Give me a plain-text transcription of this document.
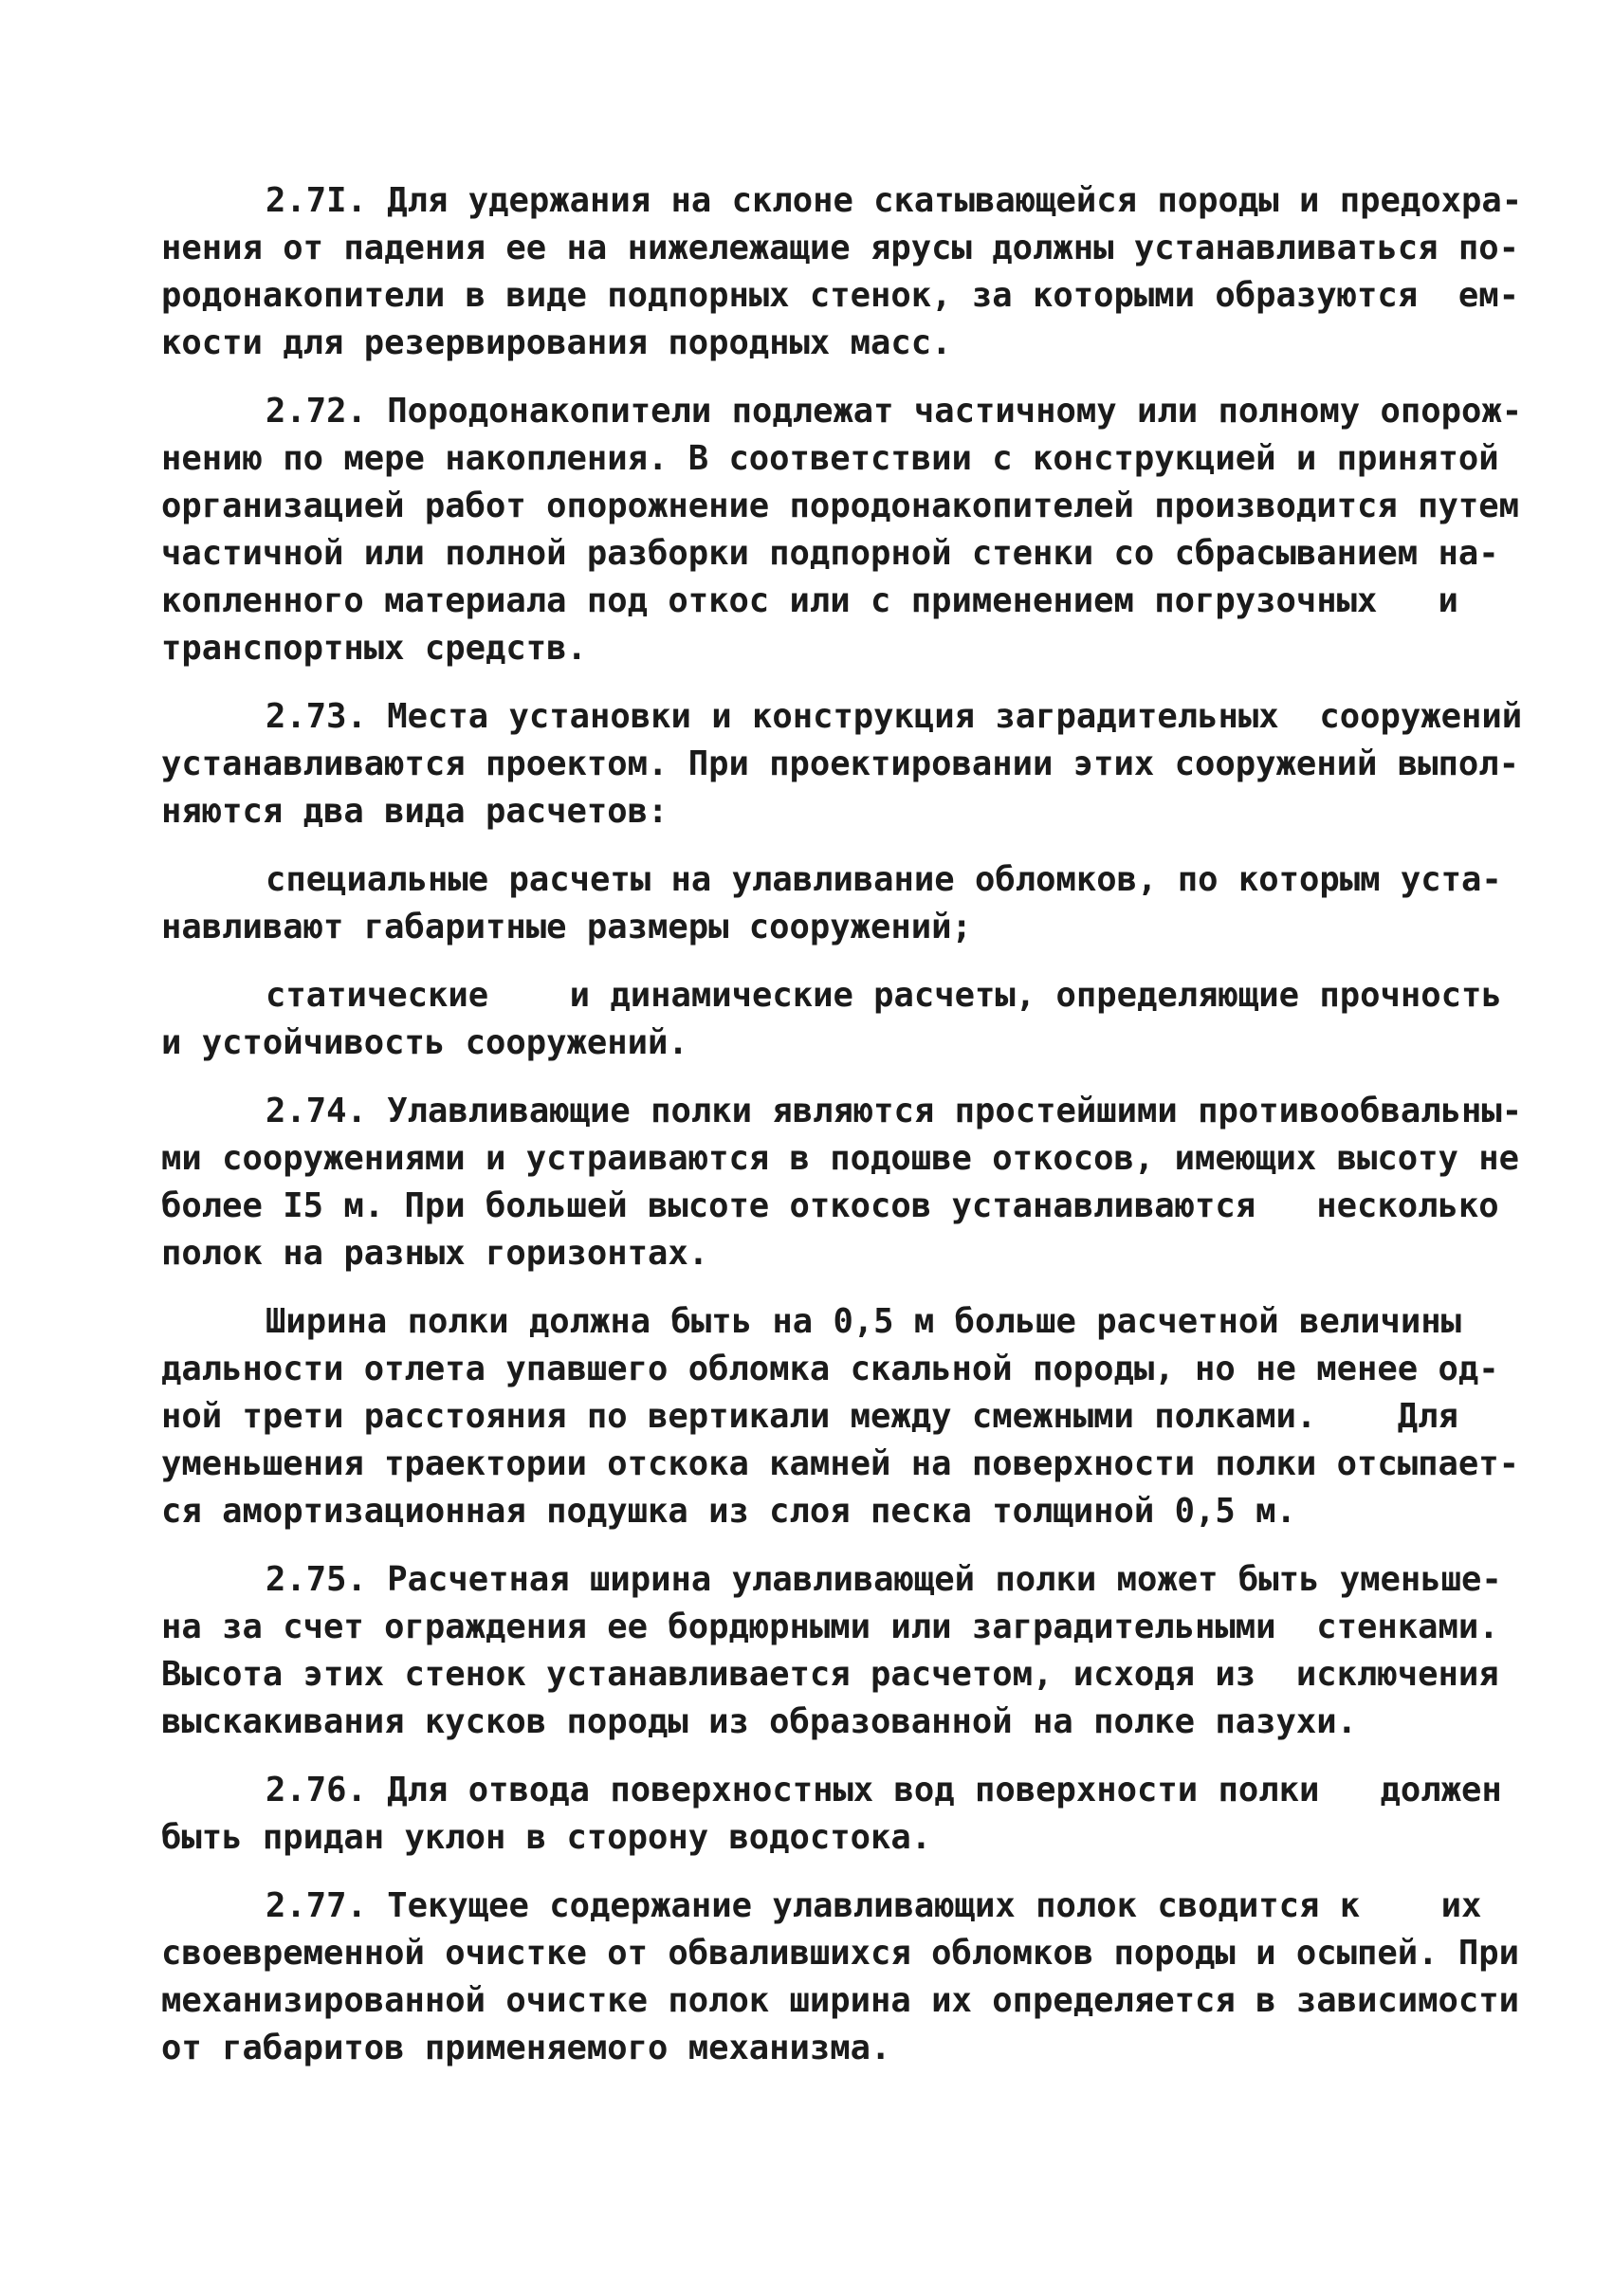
2.7I. Для удержания на склоне скатывающейся породы и предохра-
нения от падения ее на нижележащие ярусы должны устанавливаться по-
родонакопители в виде подпорных стенок, за которыми образуются  ем-
кости для резервирования породных масс.
2.72. Породонакопители подлежат частичному или полному опорож-
нению по мере накопления. В соответствии с конструкцией и принятой
организацией работ опорожнение породонакопителей производится путем
частичной или полной разборки подпорной стенки со сбрасыванием на-
копленного материала под откос или с применением погрузочных   и
транспортных средств.
2.73. Места установки и конструкция заградительных  сооружений
устанавливаются проектом. При проектировании этих сооружений выпол-
няются два вида расчетов:
специальные расчеты на улавливание обломков, по которым уста-
навливают габаритные размеры сооружений;
статические    и динамические расчеты, определяющие прочность
и устойчивость сооружений.
2.74. Улавливающие полки являются простейшими противообвальны-
ми сооружениями и устраиваются в подошве откосов, имеющих высоту не
более I5 м. При большей высоте откосов устанавливаются   несколько
полок на разных горизонтах.
Ширина полки должна быть на 0,5 м больше расчетной величины
дальности отлета упавшего обломка скальной породы, но не менее од-
ной трети расстояния по вертикали между смежными полками.    Для
уменьшения траектории отскока камней на поверхности полки отсыпает-
ся амортизационная подушка из слоя песка толщиной 0,5 м.
2.75. Расчетная ширина улавливающей полки может быть уменьше-
на за счет ограждения ее бордюрными или заградительными  стенками.
Высота этих стенок устанавливается расчетом, исходя из  исключения
выскакивания кусков породы из образованной на полке пазухи.
2.76. Для отвода поверхностных вод поверхности полки   должен
быть придан уклон в сторону водостока.
2.77. Текущее содержание улавливающих полок сводится к    их
своевременной очистке от обвалившихся обломков породы и осыпей. При
механизированной очистке полок ширина их определяется в зависимости
от габаритов применяемого механизма.
